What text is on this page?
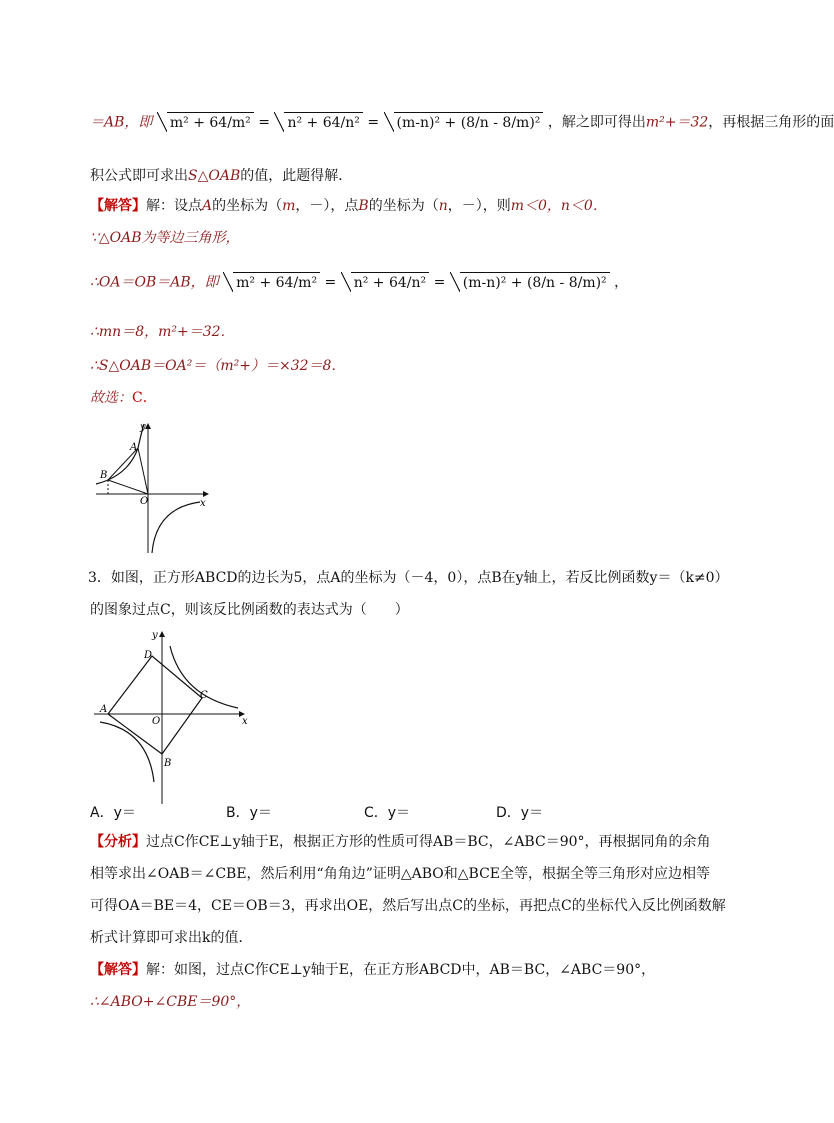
＝AB，即 m² + 64/m² = n² + 64/n² = (m-n)² + (8/n - 8/m)² ，解之即可得出m²+＝32，再根据三角形的面
积公式即可求出S△OAB的值，此题得解．
【解答】解：设点A的坐标为（m，－），点B的坐标为（n，－），则m＜0，n＜0．
∵△OAB为等边三角形，
∴OA＝OB＝AB，即 m² + 64/m² = n² + 64/n² = (m-n)² + (8/n - 8/m)² ，
∴mn＝8，m²+＝32．
∴S△OAB＝OA²＝（m²+）＝×32＝8．
故选：C．
x
y
A
B
O
3．如图，正方形ABCD的边长为5，点A的坐标为（－4，0），点B在y轴上，若反比例函数y＝（k≠0）
的图象过点C，则该反比例函数的表达式为（　　）
x
y
A
B
C
D
O
A．y＝	B．y＝	C．y＝	D．y＝
【分析】过点C作CE⊥y轴于E，根据正方形的性质可得AB＝BC，∠ABC＝90°，再根据同角的余角
相等求出∠OAB＝∠CBE，然后利用“角角边”证明△ABO和△BCE全等，根据全等三角形对应边相等
可得OA＝BE＝4，CE＝OB＝3，再求出OE，然后写出点C的坐标，再把点C的坐标代入反比例函数解
析式计算即可求出k的值．
【解答】解：如图，过点C作CE⊥y轴于E，在正方形ABCD中，AB＝BC，∠ABC＝90°，
∴∠ABO+∠CBE＝90°，
